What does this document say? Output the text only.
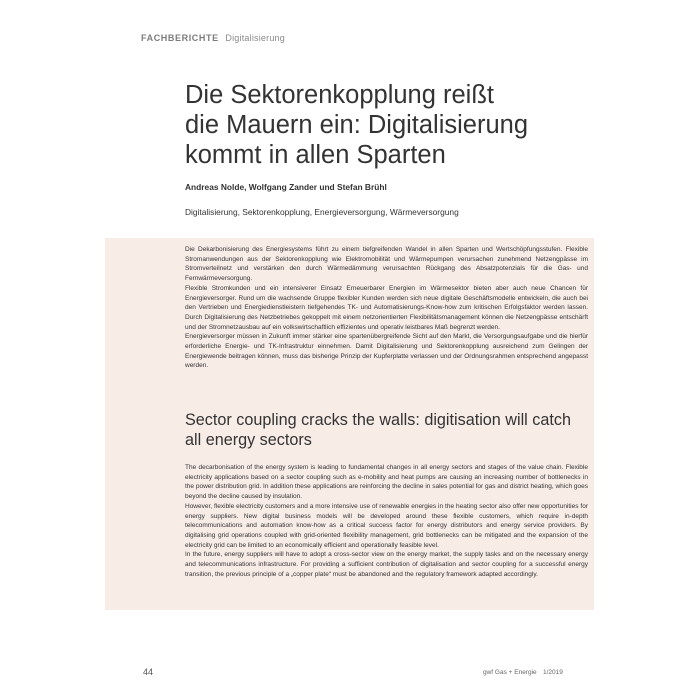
FACHBERICHTE Digitalisierung
Die Sektorenkopplung reißt
die Mauern ein: Digitalisierung
kommt in allen Sparten
Andreas Nolde, Wolfgang Zander und Stefan Brühl
Digitalisierung, Sektorenkopplung, Energieversorgung, Wärmeversorgung

Die Dekarbonisierung des Energiesystems führt zu einem tiefgreifenden Wandel in allen Sparten und Wertschöpfungsstufen. Flexible Stromanwendungen aus der Sektorenkopplung wie Elektromobilität und Wärmepumpen verursachen zunehmend Netzengpässe im Stromverteilnetz und verstärken den durch Wärmedämmung verursachten Rückgang des Absatzpotenzials für die Gas- und Fernwärmeversorgung.

Flexible Stromkunden und ein intensiverer Einsatz Erneuerbarer Energien im Wärmesektor bieten aber auch neue Chancen für Energieversorger. Rund um die wachsende Gruppe flexibler Kunden werden sich neue digitale Geschäftsmodelle entwickeln, die auch bei den Vertrieben und Energiedienstleistern tiefgehendes TK- und Automatisierungs-Know-how zum kritischen Erfolgsfaktor werden lassen. Durch Digitalisierung des Netzbetriebes gekoppelt mit einem netzorientierten Flexibilitätsmanagement können die Netzengpässe entschärft und der Stromnetzausbau auf ein volkswirtschaftlich effizientes und operativ leistbares Maß begrenzt werden.

Energieversorger müssen in Zukunft immer stärker eine spartenübergreifende Sicht auf den Markt, die Versorgungsaufgabe und die hierfür erforderliche Energie- und TK-Infrastruktur einnehmen. Damit Digitalisierung und Sektorenkopplung ausreichend zum Gelingen der Energiewende beitragen können, muss das bisherige Prinzip der Kupferplatte verlassen und der Ordnungsrahmen entsprechend angepasst werden.

Sector coupling cracks the walls: digitisation will catch
all energy sectors

The decarbonisation of the energy system is leading to fundamental changes in all energy sectors and stages of the value chain. Flexible electricity applications based on a sector coupling such as e-mobility and heat pumps are causing an increasing number of bottlenecks in the power distribution grid. In addition these applications are reinforcing the decline in sales potential for gas and district heating, which goes beyond the decline caused by insulation.

However, flexible electricity customers and a more intensive use of renewable energies in the heating sector also offer new opportunities for energy suppliers. New digital business models will be developed around these flexible customers, which require in-depth telecommunications and automation know-how as a critical success factor for energy distributors and energy service providers. By digitalising grid operations coupled with grid-oriented flexibility management, grid bottlenecks can be mitigated and the expansion of the electricity grid can be limited to an economically efficient and operationally feasible level.

In the future, energy suppliers will have to adopt a cross-sector view on the energy market, the supply tasks and on the necessary energy and telecommunications infrastructure. For providing a sufficient contribution of digitalisation and sector coupling for a successful energy transition, the previous principle of a „copper plate“ must be abandoned and the regulatory framework adapted accordingly.

44	gwf Gas + Energie 1/2019
